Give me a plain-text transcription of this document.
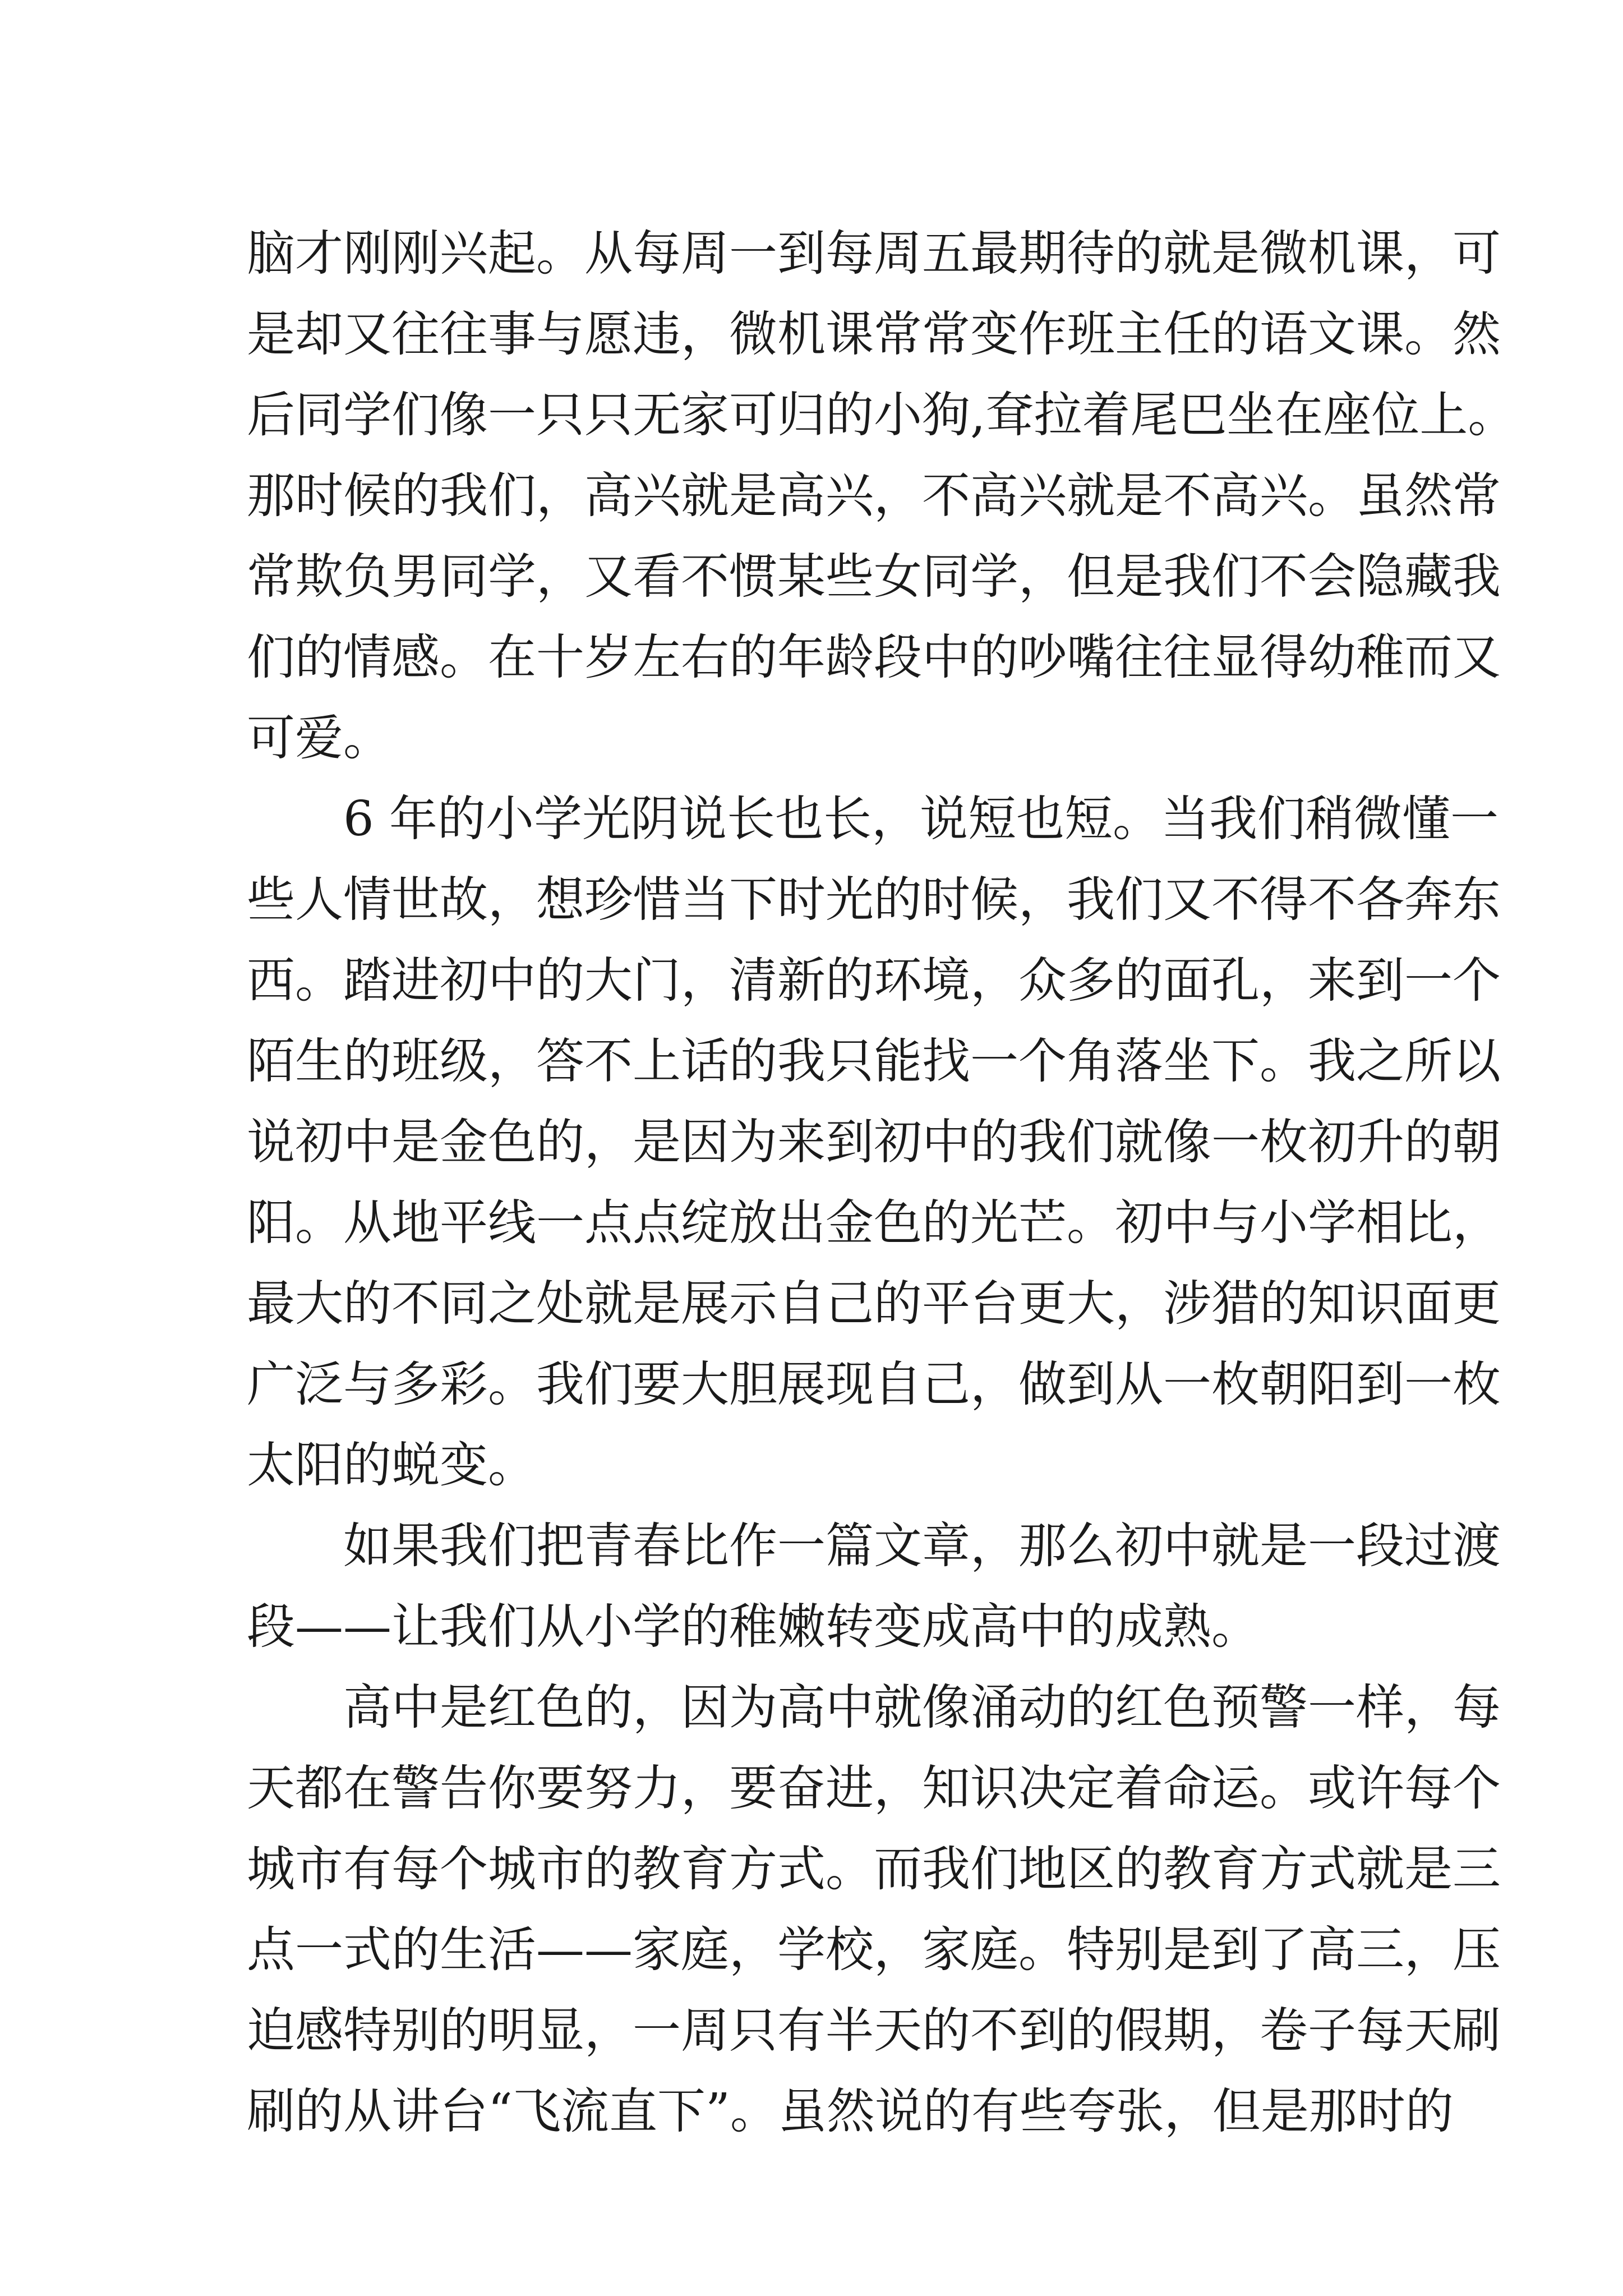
脑才刚刚兴起。从每周一到每周五最期待的就是微机课，可
是却又往往事与愿违，微机课常常变作班主任的语文课。然
后同学们像一只只无家可归的小狗,耷拉着尾巴坐在座位上。
那时候的我们，高兴就是高兴，不高兴就是不高兴。虽然常
常欺负男同学，又看不惯某些女同学，但是我们不会隐藏我
们的情感。在十岁左右的年龄段中的吵嘴往往显得幼稚而又
可爱。
6 年的小学光阴说长也长，说短也短。当我们稍微懂一
些人情世故，想珍惜当下时光的时候，我们又不得不各奔东
西。踏进初中的大门，清新的环境，众多的面孔，来到一个
陌生的班级，答不上话的我只能找一个角落坐下。我之所以
说初中是金色的，是因为来到初中的我们就像一枚初升的朝
阳。从地平线一点点绽放出金色的光芒。初中与小学相比，
最大的不同之处就是展示自己的平台更大，涉猎的知识面更
广泛与多彩。我们要大胆展现自己，做到从一枚朝阳到一枚
太阳的蜕变。
如果我们把青春比作一篇文章，那么初中就是一段过渡
段——让我们从小学的稚嫩转变成高中的成熟。
高中是红色的，因为高中就像涌动的红色预警一样，每
天都在警告你要努力，要奋进，知识决定着命运。或许每个
城市有每个城市的教育方式。而我们地区的教育方式就是三
点一式的生活——家庭，学校，家庭。特别是到了高三，压
迫感特别的明显，一周只有半天的不到的假期，卷子每天刷
刷的从讲台“飞流直下”。虽然说的有些夸张，但是那时的
